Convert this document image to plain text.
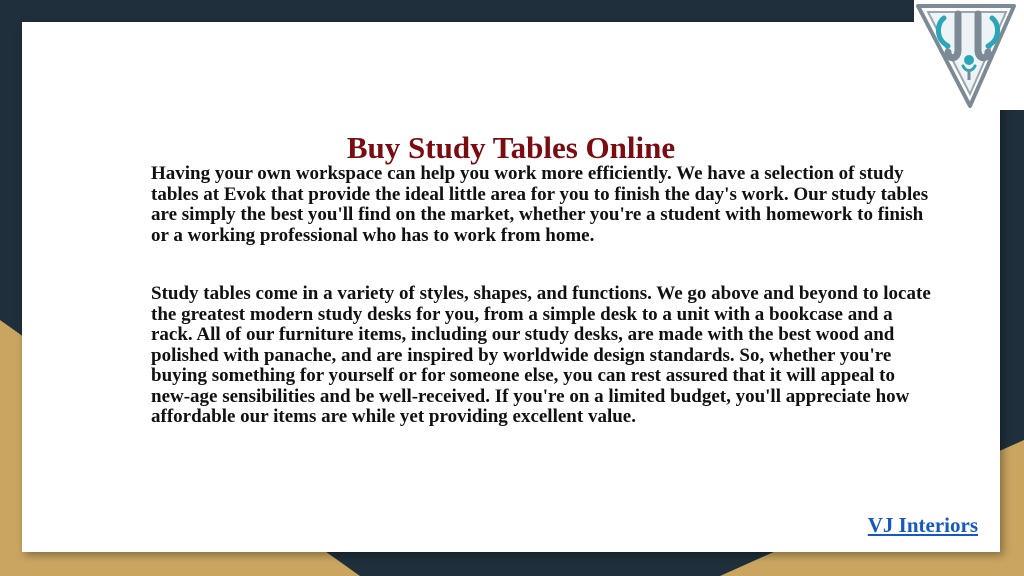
Buy Study Tables Online

Having your own workspace can help you work more efficiently. We have a selection of study tables at Evok that provide the ideal little area for you to finish the day's work. Our study tables are simply the best you'll find on the market, whether you're a student with homework to finish or a working professional who has to work from home.

Study tables come in a variety of styles, shapes, and functions. We go above and beyond to locate the greatest modern study desks for you, from a simple desk to a unit with a bookcase and a rack. All of our furniture items, including our study desks, are made with the best wood and polished with panache, and are inspired by worldwide design standards. So, whether you're buying something for yourself or for someone else, you can rest assured that it will appeal to new-age sensibilities and be well-received. If you're on a limited budget, you'll appreciate how affordable our items are while yet providing excellent value.

VJ Interiors
